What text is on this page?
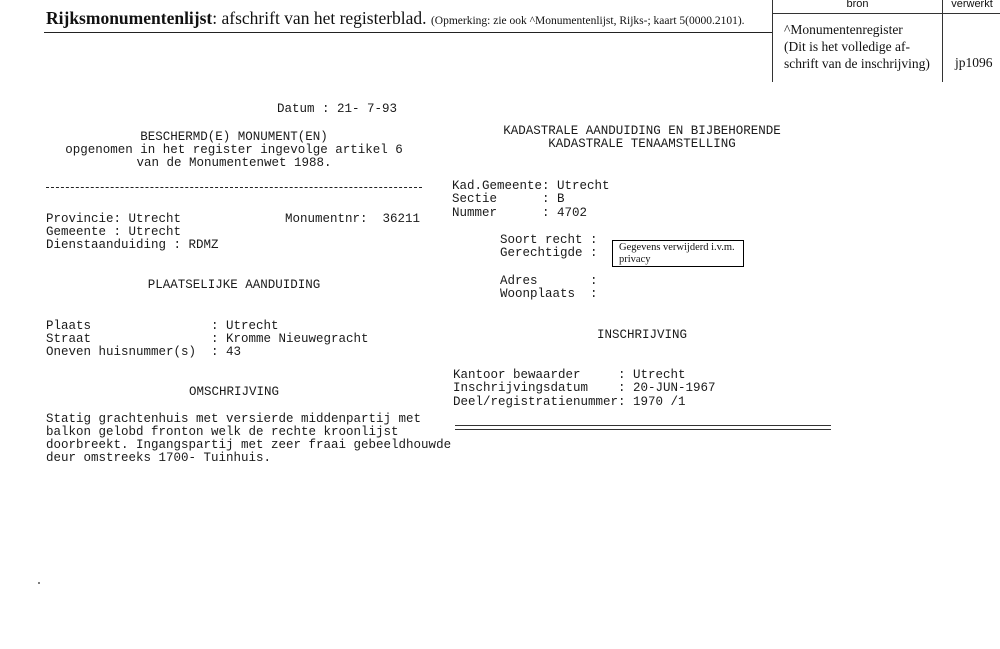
Rijksmonumentenlijst: afschrift van het registerblad. (Opmerking: zie ook ^Monumentenlijst, Rijks-; kaart 5(0000.2101).
bron	verwerkt
^Monumentenregister
(Dit is het volledige af-
schrift van de inschrijving) jp1096
Datum : 21- 7-93
BESCHERMD(E) MONUMENT(EN)
opgenomen in het register ingevolge artikel 6
van de Monumentenwet 1988.
Provincie: Utrecht	Monumentnr:  36211
Gemeente : Utrecht
Dienstaanduiding : RDMZ
PLAATSELIJKE AANDUIDING
Plaats                : Utrecht
Straat                : Kromme Nieuwegracht
Oneven huisnummer(s)  : 43
OMSCHRIJVING
Statig grachtenhuis met versierde middenpartij met
balkon gelobd fronton welk de rechte kroonlijst
doorbreekt. Ingangspartij met zeer fraai gebeeldhouwde
deur omstreeks 1700- Tuinhuis.
KADASTRALE AANDUIDING EN BIJBEHORENDE
KADASTRALE TENAAMSTELLING
Kad.Gemeente: Utrecht
Sectie      : B
Nummer      : 4702
Soort recht :
Gerechtigde :	Gegevens verwijderd i.v.m. privacy
Adres       :
Woonplaats  :
INSCHRIJVING
Kantoor bewaarder     : Utrecht
Inschrijvingsdatum    : 20-JUN-1967
Deel/registratienummer: 1970 /1
